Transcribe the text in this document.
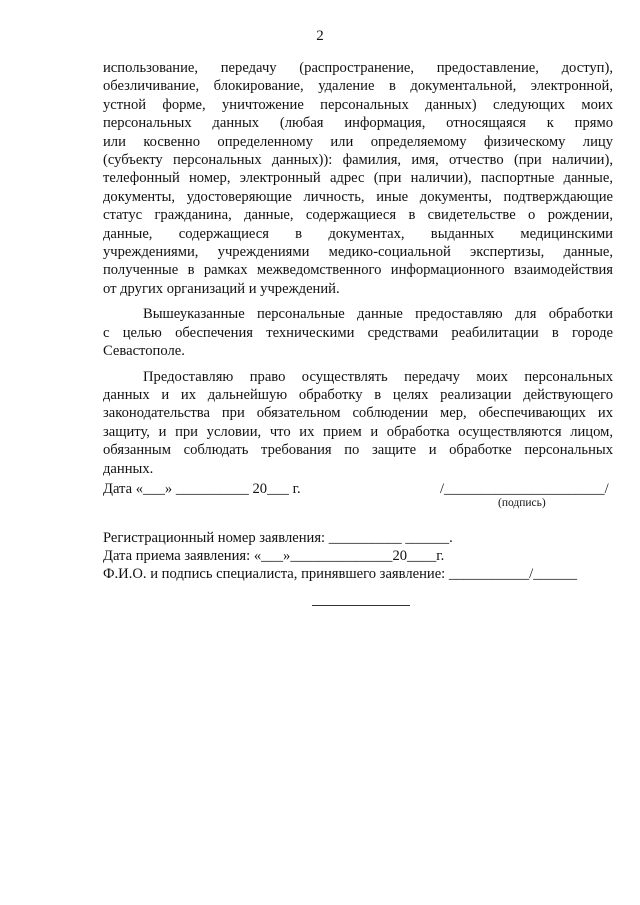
2
использование, передачу (распространение, предоставление, доступ),
обезличивание, блокирование, удаление в документальной, электронной,
устной форме, уничтожение персональных данных) следующих моих
персональных данных (любая информация, относящаяся к прямо
или косвенно определенному или определяемому физическому лицу
(субъекту персональных данных)): фамилия, имя, отчество (при наличии),
телефонный номер, электронный адрес (при наличии), паспортные данные,
документы, удостоверяющие личность, иные документы, подтверждающие
статус гражданина, данные, содержащиеся в свидетельстве о рождении,
данные, содержащиеся в документах, выданных медицинскими
учреждениями, учреждениями медико-социальной экспертизы, данные,
полученные в рамках межведомственного информационного взаимодействия
от других организаций и учреждений.
Вышеуказанные персональные данные предоставляю для обработки
с целью обеспечения техническими средствами реабилитации в городе
Севастополе.
Предоставляю право осуществлять передачу моих персональных
данных и их дальнейшую обработку в целях реализации действующего
законодательства при обязательном соблюдении мер, обеспечивающих их
защиту, и при условии, что их прием и обработка осуществляются лицом,
обязанным соблюдать требования по защите и обработке персональных
данных.
Дата «___» __________ 20___ г.	/______________________/
(подпись)
Регистрационный номер заявления: __________ ______.
Дата приема заявления: «___»______________20____г.
Ф.И.О. и подпись специалиста, принявшего заявление: ___________/______
